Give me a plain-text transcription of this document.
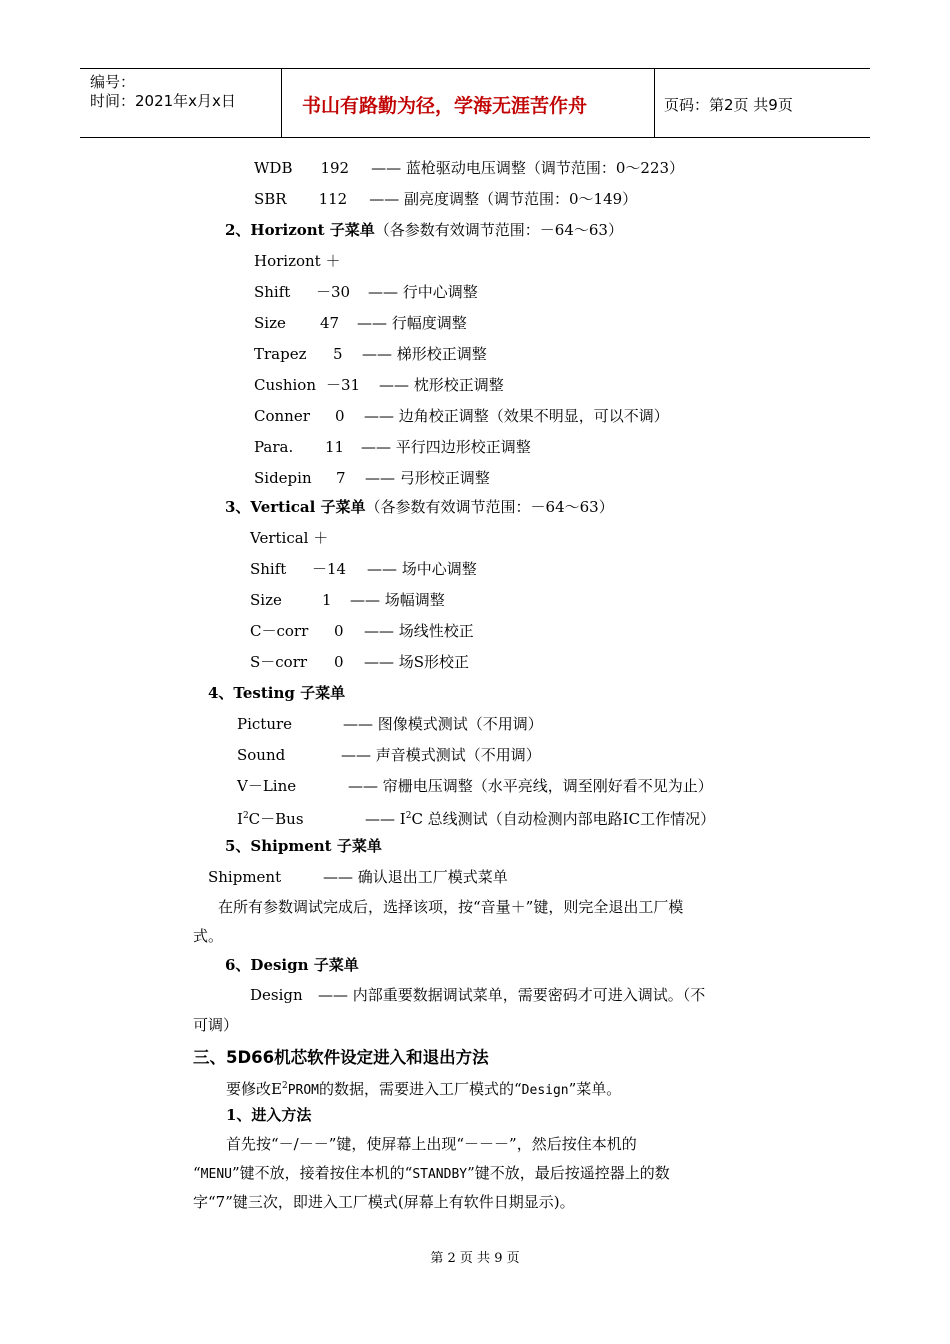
编号：
时间：2021年x月x日	书山有路勤为径，学海无涯苦作舟	页码：第2页 共9页
WDB 192 —— 蓝枪驱动电压调整（调节范围：0～223）
SBR 112 —— 副亮度调整（调节范围：0～149）
2、Horizont 子菜单（各参数有效调节范围：－64～63）
Horizont ＋
Shift －30 —— 行中心调整
Size 47 —— 行幅度调整
Trapez 5 —— 梯形校正调整
Cushion －31 —— 枕形校正调整
Conner 0 —— 边角校正调整（效果不明显，可以不调）
Para. 11 —— 平行四边形校正调整
Sidepin 7 —— 弓形校正调整
3、Vertical 子菜单（各参数有效调节范围：－64～63）
Vertical ＋
Shift －14 —— 场中心调整
Size	1 —— 场幅调整
C－corr 0 —— 场线性校正
S－corr 0 —— 场S形校正
4、Testing 子菜单
Picture	—— 图像模式测试（不用调）
Sound	—— 声音模式测试（不用调）
V－Line	—— 帘栅电压调整（水平亮线，调至刚好看不见为止）
$I^2C-Bus$	—— $I^2C$ 总线测试（自动检测内部电路IC工作情况）
5、Shipment 子菜单
Shipment	—— 确认退出工厂模式菜单
在所有参数调试完成后，选择该项，按“音量＋”键，则完全退出工厂模
式。
6、Design 子菜单
Design —— 内部重要数据调试菜单，需要密码才可进入调试。（不
可调）
三、5D66机芯软件设定进入和退出方法
要修改$E^2PROM$的数据，需要进入工厂模式的“Design”菜单。
1、进入方法
首先按“－/－－”键，使屏幕上出现“－－－”，然后按住本机的
“MENU”键不放，接着按住本机的“STANDBY”键不放，最后按遥控器上的数
字“7”键三次，即进入工厂模式(屏幕上有软件日期显示)。
第 2 页 共 9 页
